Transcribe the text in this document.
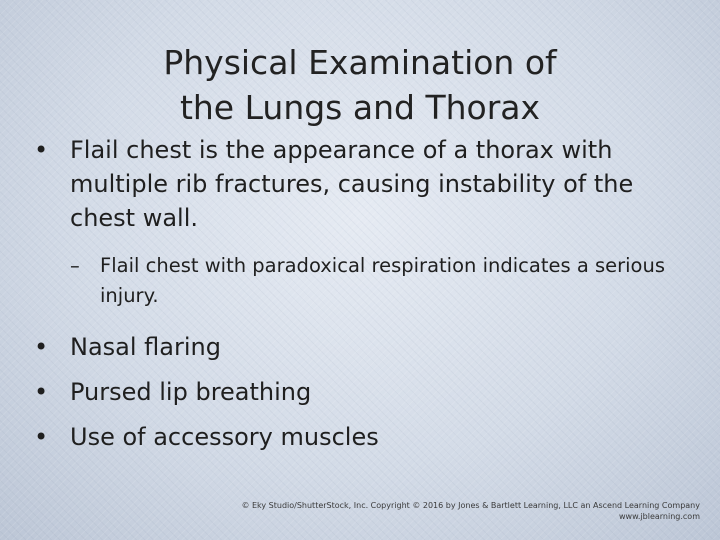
Physical Examination of
the Lungs and Thorax
• Flail chest is the appearance of a thorax with multiple rib fractures, causing instability of the chest wall.
– Flail chest with paradoxical respiration indicates a serious injury.
• Nasal flaring
• Pursed lip breathing
• Use of accessory muscles
© Eky Studio/ShutterStock, Inc. Copyright © 2016 by Jones & Bartlett Learning, LLC an Ascend Learning Company
www.jblearning.com
